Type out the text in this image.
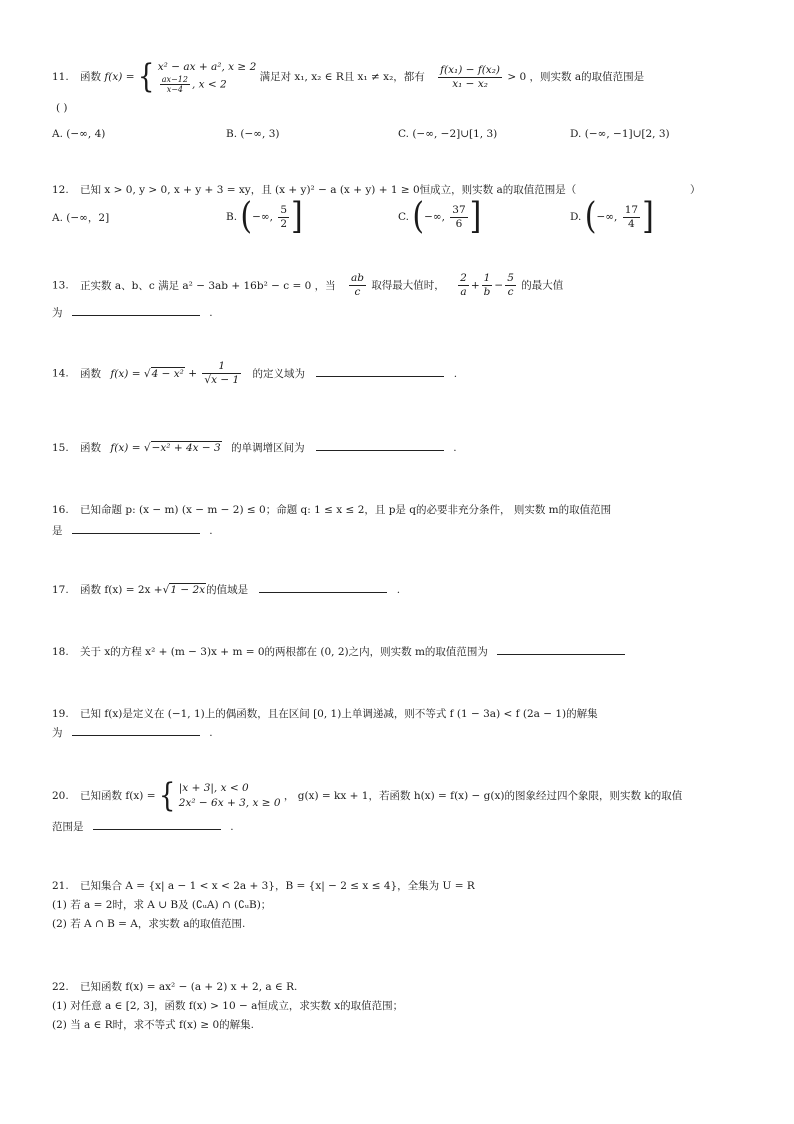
11. 函数 f(x) = { x² − ax + a², x ≥ 2
$\frac{ax-12}{x-4}$ , x < 2
满足对 x₁, x₂ ∈ R且 x₁ ≠ x₂，都有 $\frac{\text{f(x₁) − f(x₂)}}{\text{x₁ − x₂}} > 0$ ，则实数 a的取值范围是
( )
A. (−∞, 4)	B. (−∞, 3)	C. (−∞, −2]∪[1, 3)	D. (−∞, −1]∪[2, 3)
12. 已知 x > 0, y > 0, x + y + 3 = xy，且 (x + y)² − a (x + y) + 1 ≥ 0恒成立，则实数 a的取值范围是（	）
A. (−∞，2]	B. (−∞, $\frac{5}{2}$ ]	C. (−∞, $\frac{37}{6}$ ]	D. (−∞, $\frac{17}{4}$ ]
13. 正实数 a、b、c 满足 a² − 3ab + 16b² − c = 0 ，当 $\frac{ab}{c}$ 取得最大值时， $\frac{2}{a} + \frac{1}{b} - \frac{5}{c}$ 的最大值
为	.
14. 函数 $f(x) = √4 - x^2 + \frac{1}{√x - 1}$ 的定义域为	.
15. 函数 f(x) = √−x² + 4x − 3 的单调增区间为	.
16. 已知命题 p: (x − m) (x − m − 2) ≤ 0；命题 q: 1 ≤ x ≤ 2，且 p是 q的必要非充分条件， 则实数 m的取值范围
是	.
17. 函数 f(x) = 2x +√1 − 2x的值域是	.
18. 关于 x的方程 x² + (m − 3)x + m = 0的两根都在 (0, 2)之内，则实数 m的取值范围为
19. 已知 f(x)是定义在 (−1, 1)上的偶函数，且在区间 [0, 1)上单调递减，则不等式 f (1 − 3a) < f (2a − 1)的解集
为	.
20. 已知函数 f(x) = { |x + 3|, x < 0
2x² − 6x + 3, x ≥ 0
， g(x) = kx + 1，若函数 h(x) = f(x) − g(x)的图象经过四个象限，则实数 k的取值
范围是	.
21. 已知集合 A = {x| a − 1 < x < 2a + 3}，B = {x| − 2 ≤ x ≤ 4}，全集为 U = R
(1) 若 a = 2时，求 A ∪ B及 (∁ᵤA) ∩ (∁ᵤB)；
(2) 若 A ∩ B = A，求实数 a的取值范围.
22. 已知函数 f(x) = ax² − (a + 2) x + 2, a ∈ R.
(1) 对任意 a ∈ [2, 3]，函数 f(x) > 10 − a恒成立，求实数 x的取值范围；
(2) 当 a ∈ R时，求不等式 f(x) ≥ 0的解集.
